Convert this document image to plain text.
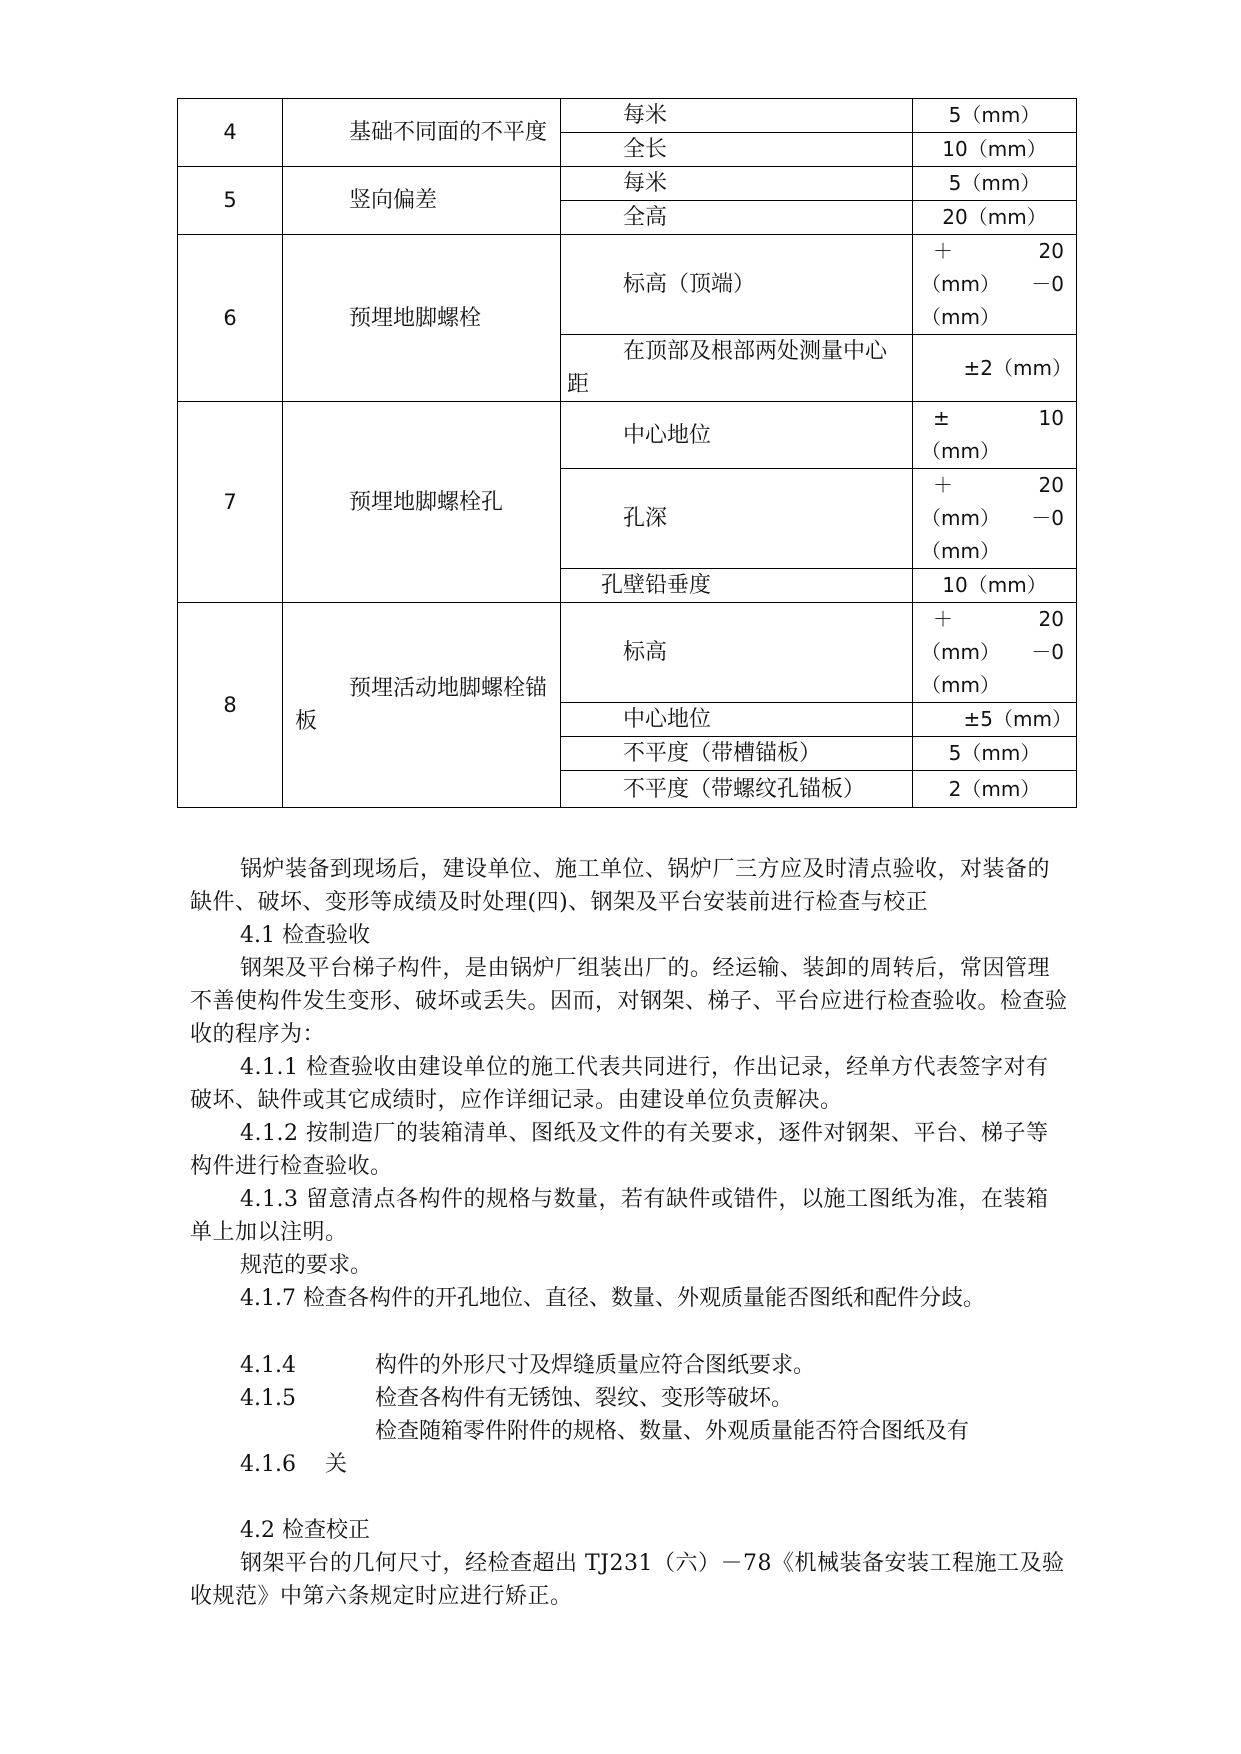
4	基础不同面的不平度	每米	5（mm）
		全长	10（mm）
5	竖向偏差	每米	5（mm）
		全高	20（mm）
6	预埋地脚螺栓	标高（顶端）	＋ 20
（mm） －0
（mm）

		在顶部及根部两处测量中心距	±2（mm）
7	预埋地脚螺栓孔	中心地位	± 10
（mm）

		孔深	＋ 20
（mm） －0
（mm）

		孔壁铅垂度	10（mm）
8	预埋活动地脚螺栓锚板	标高	＋ 20
（mm） －0
（mm）

		中心地位	±5（mm）
		不平度（带槽锚板）	5（mm）
		不平度（带螺纹孔锚板）	2（mm）
锅炉装备到现场后，建设单位、施工单位、锅炉厂三方应及时清点验收，对装备的缺件、破坏、变形等成绩及时处理(四)、钢架及平台安装前进行检查与校正
4.1 检查验收
钢架及平台梯子构件，是由锅炉厂组装出厂的。经运输、装卸的周转后，常因管理不善使构件发生变形、破坏或丢失。因而，对钢架、梯子、平台应进行检查验收。检查验收的程序为：
4.1.1 检查验收由建设单位的施工代表共同进行，作出记录，经单方代表签字对有破坏、缺件或其它成绩时，应作详细记录。由建设单位负责解决。
4.1.2 按制造厂的装箱清单、图纸及文件的有关要求，逐件对钢架、平台、梯子等构件进行检查验收。
4.1.3 留意清点各构件的规格与数量，若有缺件或错件，以施工图纸为准，在装箱单上加以注明。
规范的要求。
4.1.7 检查各构件的开孔地位、直径、数量、外观质量能否图纸和配件分歧。
4.1.4	构件的外形尺寸及焊缝质量应符合图纸要求。
4.1.5	检查各构件有无锈蚀、裂纹、变形等破坏。
检查随箱零件附件的规格、数量、外观质量能否符合图纸及有
4.1.6 关
4.2 检查校正
钢架平台的几何尺寸，经检查超出 TJ231（六）－78《机械装备安装工程施工及验收规范》中第六条规定时应进行矫正。
